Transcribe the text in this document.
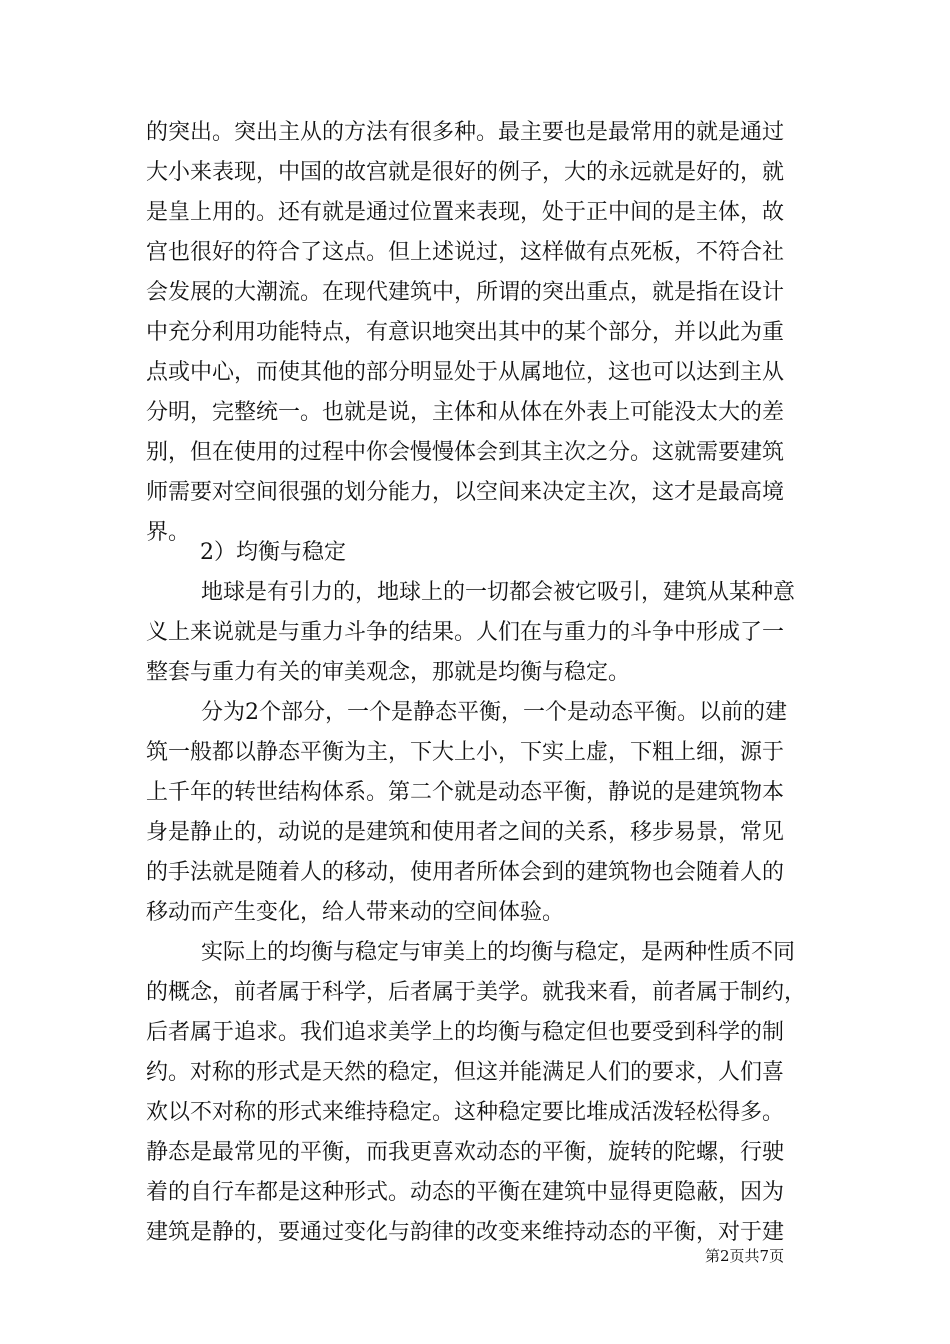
的突出。突出主从的方法有很多种。最主要也是最常用的就是通过
大小来表现，中国的故宫就是很好的例子，大的永远就是好的，就
是皇上用的。还有就是通过位置来表现，处于正中间的是主体，故
宫也很好的符合了这点。但上述说过，这样做有点死板，不符合社
会发展的大潮流。在现代建筑中，所谓的突出重点，就是指在设计
中充分利用功能特点，有意识地突出其中的某个部分，并以此为重
点或中心，而使其他的部分明显处于从属地位，这也可以达到主从
分明，完整统一。也就是说，主体和从体在外表上可能没太大的差
别，但在使用的过程中你会慢慢体会到其主次之分。这就需要建筑
师需要对空间很强的划分能力，以空间来决定主次，这才是最高境
界。
2）均衡与稳定
地球是有引力的，地球上的一切都会被它吸引，建筑从某种意
义上来说就是与重力斗争的结果。人们在与重力的斗争中形成了一
整套与重力有关的审美观念，那就是均衡与稳定。
分为2个部分，一个是静态平衡，一个是动态平衡。以前的建
筑一般都以静态平衡为主，下大上小，下实上虚，下粗上细，源于
上千年的转世结构体系。第二个就是动态平衡，静说的是建筑物本
身是静止的，动说的是建筑和使用者之间的关系，移步易景，常见
的手法就是随着人的移动，使用者所体会到的建筑物也会随着人的
移动而产生变化，给人带来动的空间体验。
实际上的均衡与稳定与审美上的均衡与稳定，是两种性质不同
的概念，前者属于科学，后者属于美学。就我来看，前者属于制约，
后者属于追求。我们追求美学上的均衡与稳定但也要受到科学的制
约。对称的形式是天然的稳定，但这并能满足人们的要求，人们喜
欢以不对称的形式来维持稳定。这种稳定要比堆成活泼轻松得多。
静态是最常见的平衡，而我更喜欢动态的平衡，旋转的陀螺，行驶
着的自行车都是这种形式。动态的平衡在建筑中显得更隐蔽，因为
建筑是静的，要通过变化与韵律的改变来维持动态的平衡，对于建
第2页共7页
